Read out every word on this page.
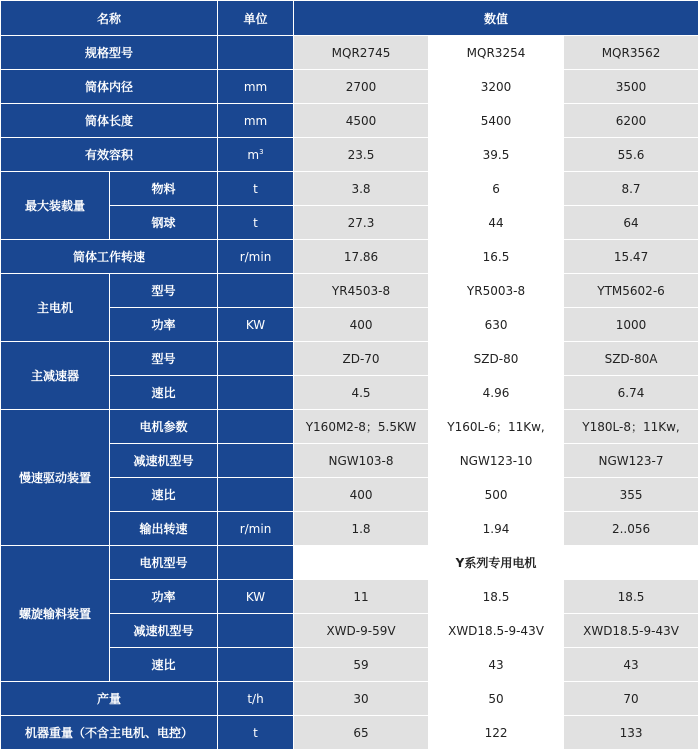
名称		单位	数值		
规格型号			MQR2745	MQR3254	MQR3562
筒体内径		mm	2700	3200	3500
筒体长度		mm	4500	5400	6200
有效容积		$m^3$	23.5	39.5	55.6
最大装载量	物料	t	3.8	6	8.7
	钢球	t	27.3	44	64
筒体工作转速		r/min	17.86	16.5	15.47
主电机	型号		YR4503-8	YR5003-8	YTM5602-6
	功率	KW	400	630	1000
主减速器	型号		ZD-70	SZD-80	SZD-80A
	速比		4.5	4.96	6.74
慢速驱动装置	电机参数		Y160M2-8；5.5KW	Y160L-6；11Kw,	Y180L-8；11Kw,
	减速机型号		NGW103-8	NGW123-10	NGW123-7
	速比		400	500	355
	输出转速	r/min	1.8	1.94	2..056
螺旋输料装置	电机型号		Y系列专用电机		
	功率	KW	11	18.5	18.5
	减速机型号		XWD-9-59V	XWD18.5-9-43V	XWD18.5-9-43V
	速比		59	43	43
产量		t/h	30	50	70
机器重量（不含主电机、电控）		t	65	122	133
